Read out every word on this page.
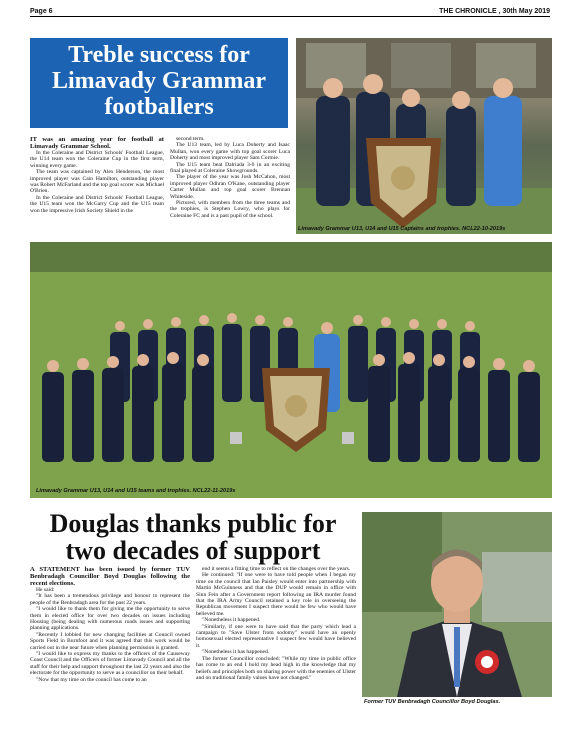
Page 6	THE CHRONICLE , 30th May 2019
Treble success for Limavady Grammar footballers

IT was an amazing year for football at Limavady Grammar School.

In the Coleraine and District Schools' Football League, the U14 team won the Coleraine Cup in the first term, winning every game.

The team was captained by Alex Henderson, the most improved player was Cain Hamilton, outstanding player was Robert McFarland and the top goal scorer was Michael O'Brien.

In the Coleraine and District Schools' Football League, the U15 team won the McGarry Cup and the U15 team won the impressive Irish Society Shield in the

second term.

The U13 team, led by Luca Doherty and Isaac Mullan, won every game with top goal scorer Luca Doherty and most improved player Sam Cormie.

The U15 team beat Dalriada 3-0 in an exciting final played at Coleraine Showgrounds.

The player of the year was Josh McCahon, most improved player Odhran O'Kane, outstanding player Carter Mullan and top goal scorer Brennan Whiteside.

Pictured, with members from the three teams and the trophies, is Stephen Lowry, who plays for Coleraine FC and is a past pupil of the school.

Limavady Grammar U13, U14 and U15 Captains and trophies. NCL22-10-2019s
Limavady Grammar U13, U14 and U15 teams and trophies. NCL22-11-2019s
Douglas thanks public for two decades of support

A STATEMENT has been issued by former TUV Benbradagh Councillor Boyd Douglas following the recent elections.

He said:

"It has been a tremendous privilege and honour to represent the people of the Benbradagh area for the past 22 years.

"I would like to thank them for giving me the opportunity to serve them in elected office for over two decades on issues including Housing (being dealing with numerous roads issues and supporting planning applications.

"Recently I lobbied for new changing facilities at Council owned Sports Field in Burnfoot and it was agreed that this work would be carried out in the near future when planning permission is granted.

"I would like to express my thanks to the officers of the Causeway Coast Council and the Officers of former Limavady Council and all the staff for their help and support throughout the last 22 years and also the electorate for the opportunity to serve as a councillor on their behalf.

"Now that my time on the council has come to an

end it seems a fitting time to reflect on the changes over the years.

He continued: "If one were to have told people when I began my time on the council that Ian Paisley would enter into partnership with Martin McGuinness and that the DUP would remain in office with Sinn Fein after a Government report following an IRA murder found that the IRA Army Council retained a key role in overseeing the Republican movement I suspect there would be few who would have believed me.

"Nonetheless it happened.

"Similarly, if one were to have said that the party which lead a campaign to "Save Ulster from sodomy" would have an openly homosexual elected representative I suspect few would have believed it.

"Nonetheless it has happened.

The former Councillor concluded: "While my time in public office has come to an end I hold my head high in the knowledge that my beliefs and principles both on sharing power with the enemies of Ulster and on traditional family values have not changed."

Former TUV Benbradagh Councillor Boyd Douglas.
